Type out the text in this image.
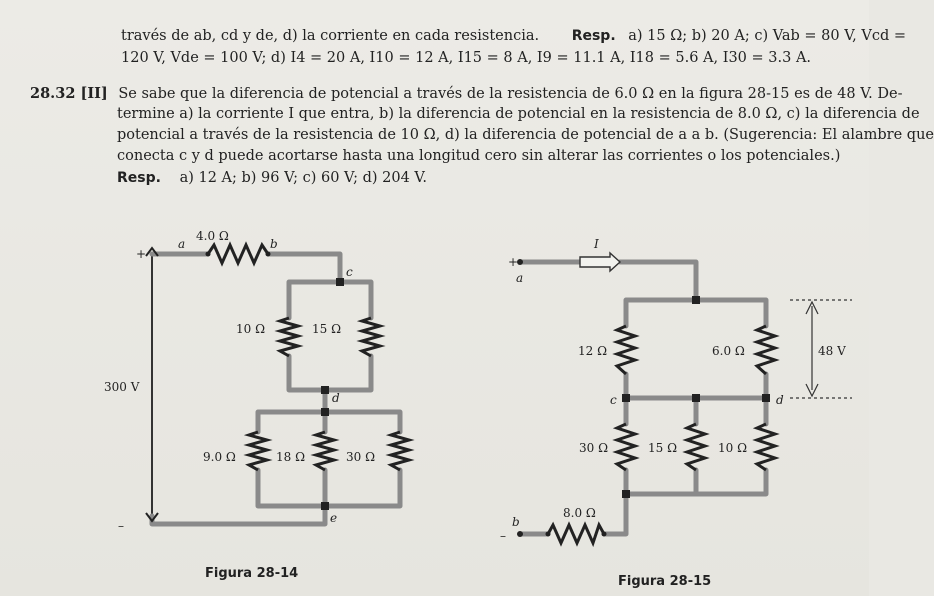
través de ab, cd y de, d) la corriente en cada resistencia. Resp. a) 15 Ω; b) 20 A; c) Vab = 80 V, Vcd =
120 V, Vde = 100 V; d) I4 = 20 A, I10 = 12 A, I15 = 8 A, I9 = 11.1 A, I18 = 5.6 A, I30 = 3.3 A.
28.32 [II] Se sabe que la diferencia de potencial a través de la resistencia de 6.0 Ω en la figura 28-15 es de 48 V. De-
termine a) la corriente I que entra, b) la diferencia de potencial en la resistencia de 8.0 Ω, c) la diferencia de
potencial a través de la resistencia de 10 Ω, d) la diferencia de potencial de a a b. (Sugerencia: El alambre que
conecta c y d puede acortarse hasta una longitud cero sin alterar las corrientes o los potenciales.)
Resp. a) 12 A; b) 96 V; c) 60 V; d) 204 V.
4.0 Ω
a	b
c
10 Ω	15 Ω
d
300 V
9.0 Ω	18 Ω	30 Ω
e
+
–
+
a
I
12 Ω	6.0 Ω	48 V
c	d
30 Ω	15 Ω	10 Ω
8.0 Ω
b
–
Figura 28-14
Figura 28-15
